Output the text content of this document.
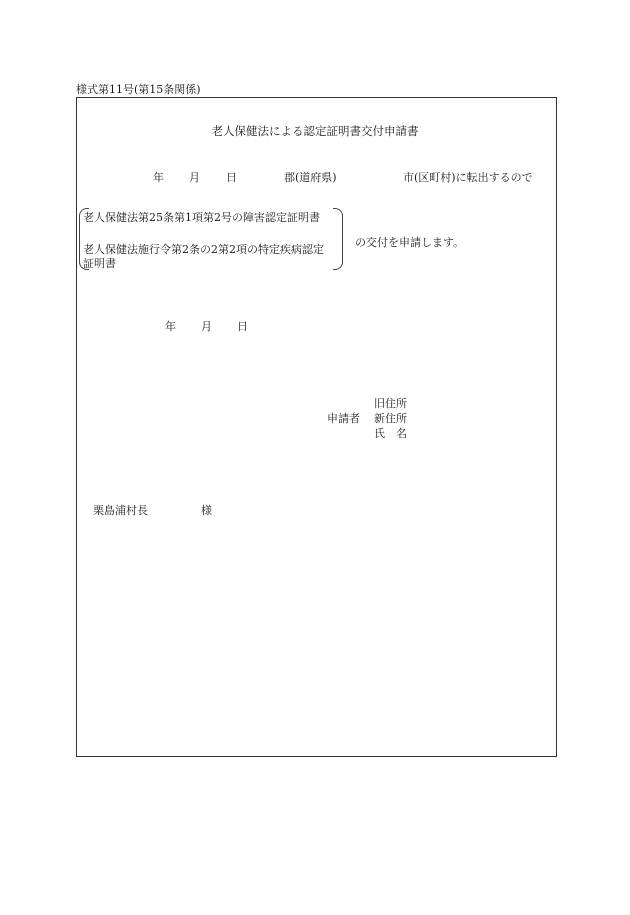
様式第11号(第15条関係)
老人保健法による認定証明書交付申請書
年 月 日	郡(道府県)	市(区町村)に転出するので
老人保健法第25条第1項第2号の障害認定証明書
老人保健法施行令第2条の2第2項の特定疾病認定
証明書
の交付を申請します。
年 月 日
旧住所
申請者 新住所
氏　名
栗島浦村長	様
